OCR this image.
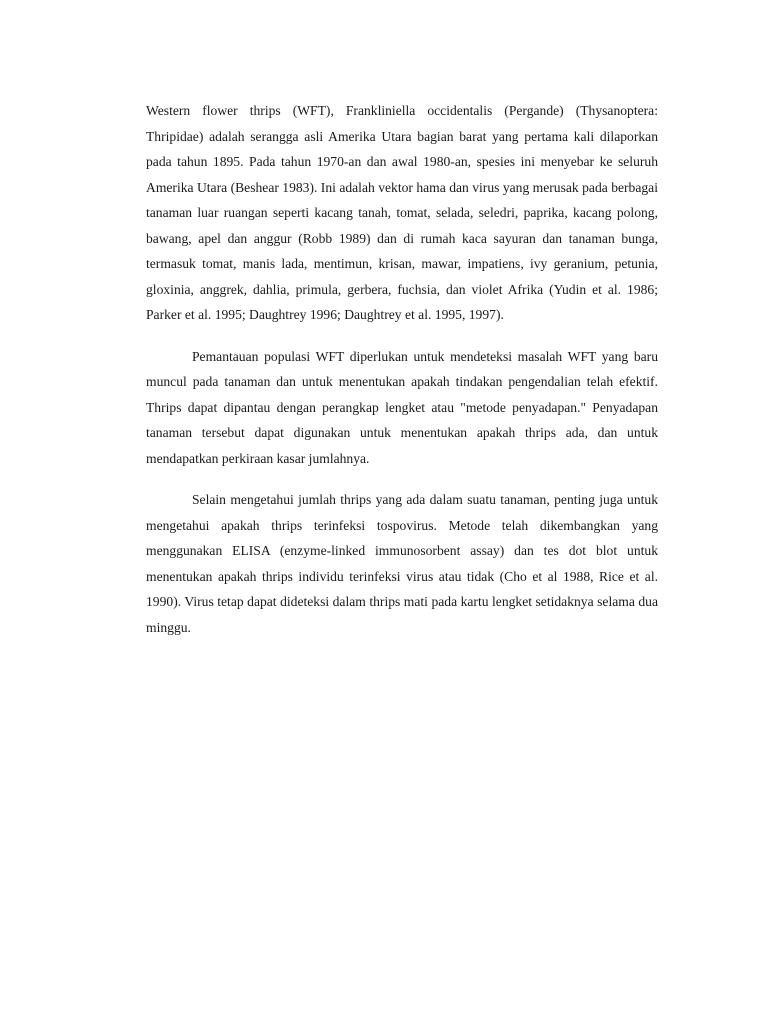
Western flower thrips (WFT), Frankliniella occidentalis (Pergande) (Thysanoptera: Thripidae) adalah serangga asli Amerika Utara bagian barat yang pertama kali dilaporkan pada tahun 1895. Pada tahun 1970-an dan awal 1980-an, spesies ini menyebar ke seluruh Amerika Utara (Beshear 1983). Ini adalah vektor hama dan virus yang merusak pada berbagai tanaman luar ruangan seperti kacang tanah, tomat, selada, seledri, paprika, kacang polong, bawang, apel dan anggur (Robb 1989) dan di rumah kaca sayuran dan tanaman bunga, termasuk tomat, manis lada, mentimun, krisan, mawar, impatiens, ivy geranium, petunia, gloxinia, anggrek, dahlia, primula, gerbera, fuchsia, dan violet Afrika (Yudin et al. 1986; Parker et al. 1995; Daughtrey 1996; Daughtrey et al. 1995, 1997).

Pemantauan populasi WFT diperlukan untuk mendeteksi masalah WFT yang baru muncul pada tanaman dan untuk menentukan apakah tindakan pengendalian telah efektif. Thrips dapat dipantau dengan perangkap lengket atau "metode penyadapan." Penyadapan tanaman tersebut dapat digunakan untuk menentukan apakah thrips ada, dan untuk mendapatkan perkiraan kasar jumlahnya.

Selain mengetahui jumlah thrips yang ada dalam suatu tanaman, penting juga untuk mengetahui apakah thrips terinfeksi tospovirus. Metode telah dikembangkan yang menggunakan ELISA (enzyme-linked immunosorbent assay) dan tes dot blot untuk menentukan apakah thrips individu terinfeksi virus atau tidak (Cho et al 1988, Rice et al. 1990). Virus tetap dapat dideteksi dalam thrips mati pada kartu lengket setidaknya selama dua minggu.
